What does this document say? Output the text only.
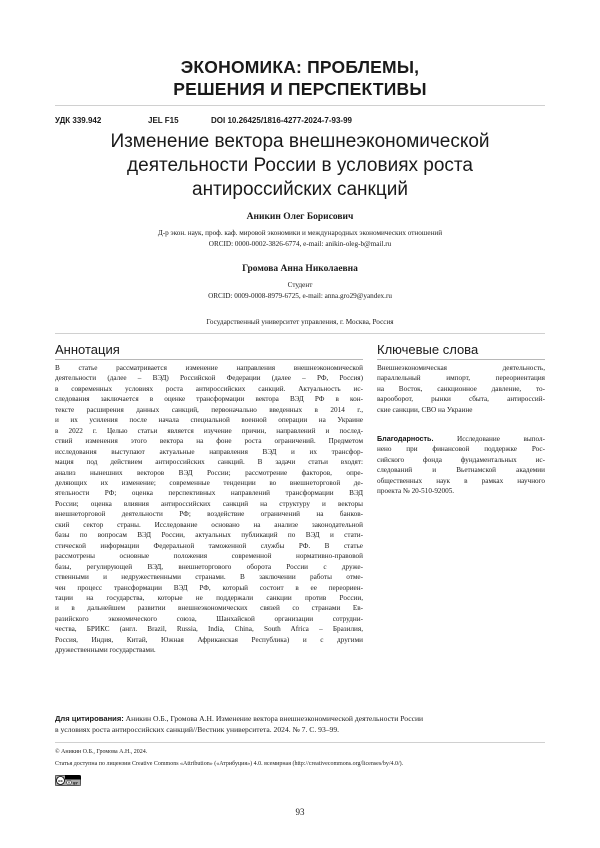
ЭКОНОМИКА: ПРОБЛЕМЫ,
РЕШЕНИЯ И ПЕРСПЕКТИВЫ
УДК 339.942	JEL F15	DOI 10.26425/1816-4277-2024-7-93-99
Изменение вектора внешнеэкономической
деятельности России в условиях роста
антироссийских санкций
Аникин Олег Борисович
Д-р экон. наук, проф. каф. мировой экономики и международных экономических отношений
ORCID: 0000-0002-3826-6774, e-mail: anikin-oleg-b@mail.ru
Громова Анна Николаевна
Студент
ORCID: 0009-0008-8979-6725, e-mail: anna.gro29@yandex.ru
Государственный университет управления, г. Москва, Россия
Аннотация
В статье рассматривается изменение направления внешнеэкономической
деятельности (далее – ВЭД) Российской Федерации (далее – РФ, Россия)
в современных условиях роста антироссийских санкций. Актуальность ис-
следования заключается в оценке трансформации вектора ВЭД РФ в кон-
тексте расширения данных санкций, первоначально введенных в 2014 г.,
и их усиления после начала специальной военной операции на Украине
в 2022 г. Целью статьи является изучение причин, направлений и послед-
ствий изменения этого вектора на фоне роста ограничений. Предметом
исследования выступают актуальные направления ВЭД и их трансфор-
мация под действием антироссийских санкций. В задачи статьи входят:
анализ нынешних векторов ВЭД России; рассмотрение факторов, опре-
деляющих их изменение; современные тенденции во внешнеторговой де-
ятельности РФ; оценка перспективных направлений трансформации ВЭД
России; оценка влияния антироссийских санкций на структуру и векторы
внешнеторговой деятельности РФ; воздействие ограничений на банков-
ский сектор страны. Исследование основано на анализе законодательной
базы по вопросам ВЭД России, актуальных публикаций по ВЭД и стати-
стической информации Федеральной таможенной службы РФ. В статье
рассмотрены основные положения современной нормативно-правовой
базы, регулирующей ВЭД, внешнеторгового оборота России с друже-
ственными и недружественными странами. В заключении работы отме-
чен процесс трансформации ВЭД РФ, который состоит в ее переориен-
тации на государства, которые не поддержали санкции против России,
и в дальнейшем развитии внешнеэкономических связей со странами Ев-
разийского экономического союза, Шанхайской организации сотрудни-
чества, БРИКС (англ. Brazil, Russia, India, China, South Africa – Бразилия,
Россия, Индия, Китай, Южная Африканская Республика) и с другими
дружественными государствами.
Ключевые слова
Внешнеэкономическая деятельность,
параллельный импорт, переориентация
на Восток, санкционное давление, то-
варооборот, рынки сбыта, антироссий-
ские санкции, СВО на Украине
Благодарность. Исследование выпол-
нено при финансовой поддержке Рос-
сийского фонда фундаментальных ис-
следований и Вьетнамской академии
общественных наук в рамках научного
проекта № 20-510-92005.
Для цитирования: Аникин О.Б., Громова А.Н. Изменение вектора внешнеэкономической деятельности России
в условиях роста антироссийских санкций//Вестник университета. 2024. № 7. С. 93–99.
© Аникин О.Б., Громова А.Н., 2024.
Статья доступна по лицензии Creative Commons «Attribution» («Атрибуция») 4.0. всемирная (http://creativecommons.org/licenses/by/4.0/).
cc
BY
93
